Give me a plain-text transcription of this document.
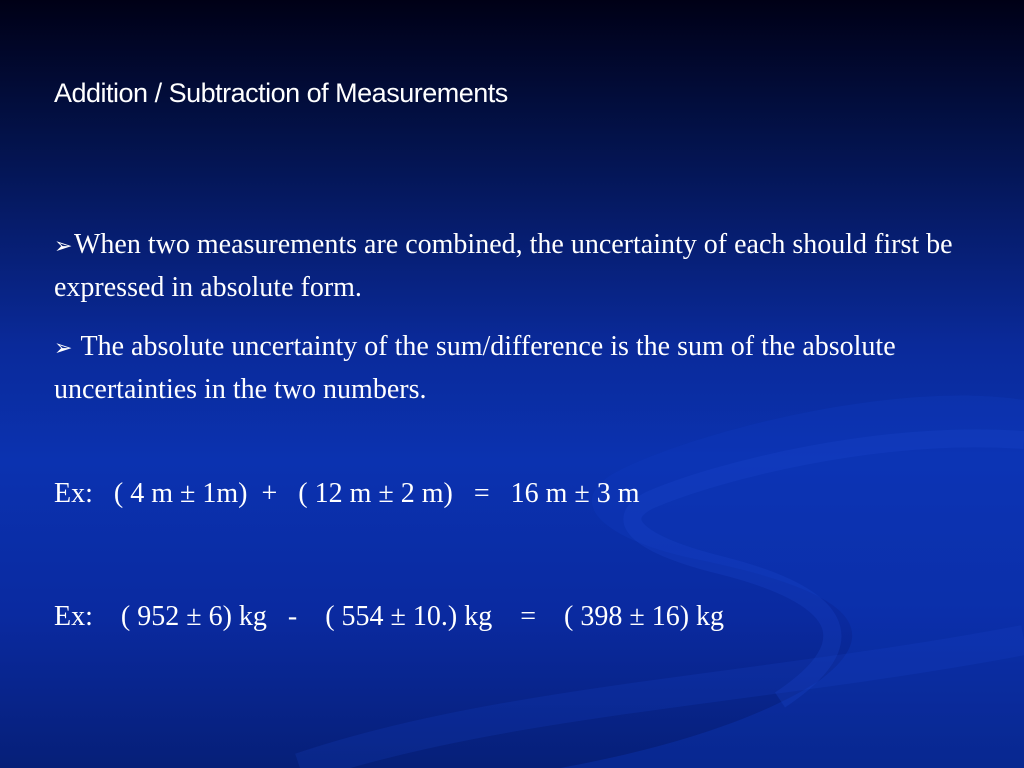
Addition / Subtraction of Measurements
➢When two measurements are combined, the uncertainty of each should first be expressed in absolute form.
➢ The absolute uncertainty of the sum/difference is the sum of the absolute uncertainties in the two numbers.
Ex:   ( 4 m ± 1m)  +   ( 12 m ± 2 m)   =   16 m ± 3 m
Ex:    ( 952 ± 6) kg   -    ( 554 ± 10.) kg    =    ( 398 ± 16) kg
